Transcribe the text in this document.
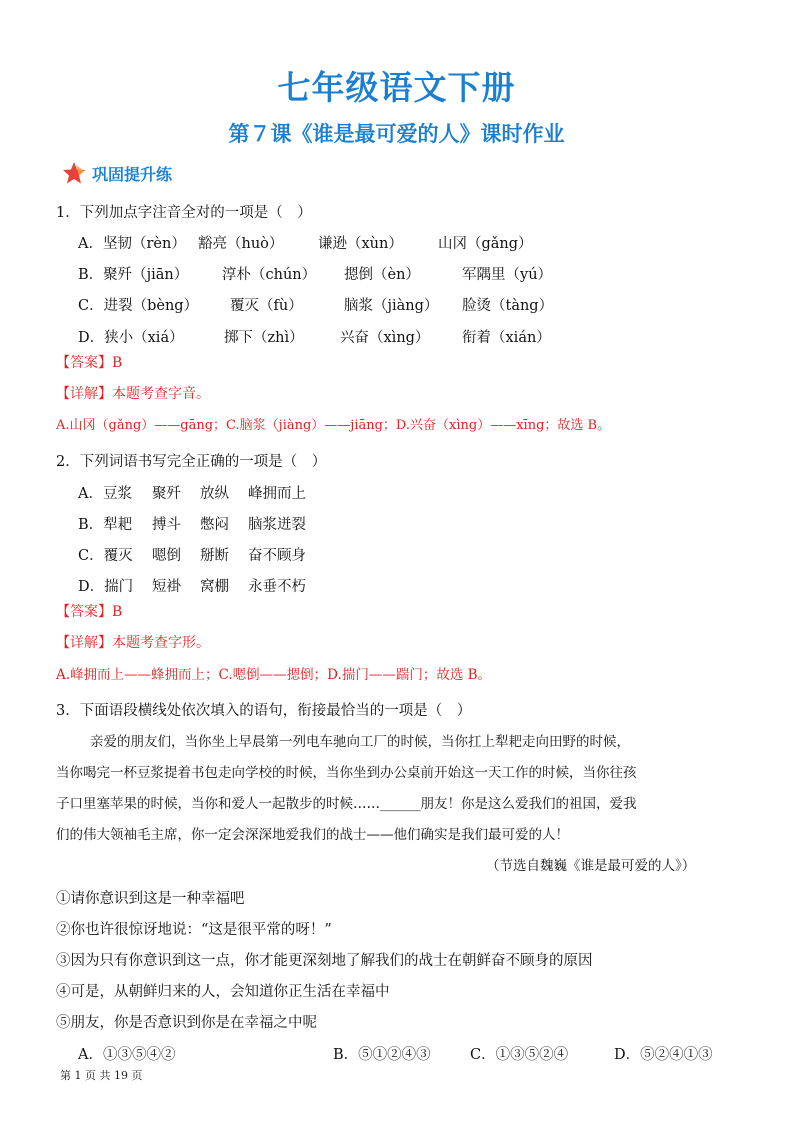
七年级语文下册
第７课《谁是最可爱的人》课时作业
巩固提升练
1．下列加点字注音全对的一项是（　）
A．坚韧（rèn） 豁亮（huò） 谦逊（xùn） 山冈（gǎng）
B．聚歼（jiān） 淳朴（chún） 摁倒（èn）	军隅里（yú）
C．进裂（bèng） 覆灭（fù）	脑浆（jiàng） 脸烫（tàng）
D．狭小（xiá）	掷下（zhì）	兴奋（xìng） 衔着（xián）
【答案】B
【详解】本题考查字音。
A.山冈（gǎng）——gāng；C.脑浆（jiàng）——jiāng；D.兴奋（xìng）——xīng；故选 B。
2．下列词语书写完全正确的一项是（　）
A．豆浆 聚歼 放纵 峰拥而上
B．犁耙 搏斗 憋闷 脑浆迸裂
C．覆灭 嗯倒 掰断 奋不顾身
D．揣门 短褂 窝棚 永垂不朽
【答案】B
【详解】本题考查字形。
A.峰拥而上——蜂拥而上；C.嗯倒——摁倒；D.揣门——踹门；故选 B。
3．下面语段横线处依次填入的语句，衔接最恰当的一项是（　）
亲爱的朋友们，当你坐上早晨第一列电车驰向工厂的时候，当你扛上犁耙走向田野的时候，
当你喝完一杯豆浆提着书包走向学校的时候，当你坐到办公桌前开始这一天工作的时候，当你往孩
子口里塞苹果的时候，当你和爱人一起散步的时候……______朋友！你是这么爱我们的祖国，爱我
们的伟大领袖毛主席，你一定会深深地爱我们的战士——他们确实是我们最可爱的人！
（节选自魏巍《谁是最可爱的人》）
①请你意识到这是一种幸福吧
②你也许很惊讶地说：“这是很平常的呀！”
③因为只有你意识到这一点，你才能更深刻地了解我们的战士在朝鲜奋不顾身的原因
④可是，从朝鲜归来的人，会知道你正生活在幸福中
⑤朋友，你是否意识到你是在幸福之中呢
A．①③⑤④②	B．⑤①②④③	C．①③⑤②④	D．⑤②④①③
第 1 页 共 19 页
